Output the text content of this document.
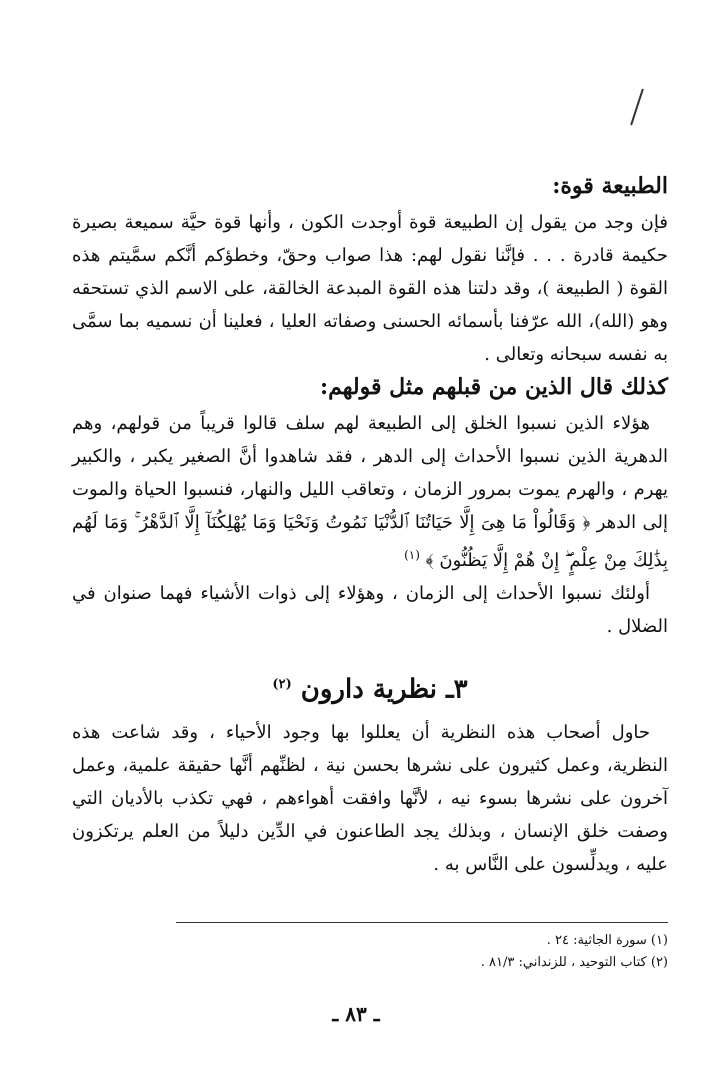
الطبيعة قوة:

فإن وجد من يقول إن الطبيعة قوة أوجدت الكون ، وأنها قوة حيَّة سميعة بصيرة حكيمة قادرة . . . فإنَّنا نقول لهم: هذا صواب وحقّ، وخطؤكم أنَّكم سمَّيتم هذه القوة ( الطبيعة )، وقد دلتنا هذه القوة المبدعة الخالقة، على الاسم الذي تستحقه وهو (الله)، الله عرّفنا بأسمائه الحسنى وصفاته العليا ، فعلينا أن نسميه بما سمَّى به نفسه سبحانه وتعالى .

كذلك قال الذين من قبلهم مثل قولهم:

هؤلاء الذين نسبوا الخلق إلى الطبيعة لهم سلف قالوا قريباً من قولهم، وهم الدهرية الذين نسبوا الأحداث إلى الدهر ، فقد شاهدوا أنَّ الصغير يكبر ، والكبير يهرم ، والهرم يموت بمرور الزمان ، وتعاقب الليل والنهار، فنسبوا الحياة والموت إلى الدهر ﴿ وَقَالُواْ مَا هِىَ إِلَّا حَيَاتُنَا ٱلدُّنْيَا نَمُوتُ وَنَحْيَا وَمَا يُهْلِكُنَآ إِلَّا ٱلدَّهْرُ ۚ وَمَا لَهُم بِذَٰلِكَ مِنْ عِلْمٍ ۖ إِنْ هُمْ إِلَّا يَظُنُّونَ ﴾ $^{(١)}$

أولئك نسبوا الأحداث إلى الزمان ، وهؤلاء إلى ذوات الأشياء فهما صنوان في الضلال .

٣ـ نظرية دارون $^{(٢)}$

حاول أصحاب هذه النظرية أن يعللوا بها وجود الأحياء ، وقد شاعت هذه النظرية، وعمل كثيرون على نشرها بحسن نية ، لظنِّهم أنَّها حقيقة علمية، وعمل آخرون على نشرها بسوء نيه ، لأنَّها وافقت أهواءهم ، فهي تكذب بالأديان التي وصفت خلق الإنسان ، وبذلك يجد الطاعنون في الدِّين دليلاً من العلم يرتكزون عليه ، ويدلِّسون على النَّاس به .

(١) سورة الجاثية: ٢٤ .

(٢) كتاب التوحيد ، للزنداني: ٨١/٣ .

ـ ٨٣ ـ
